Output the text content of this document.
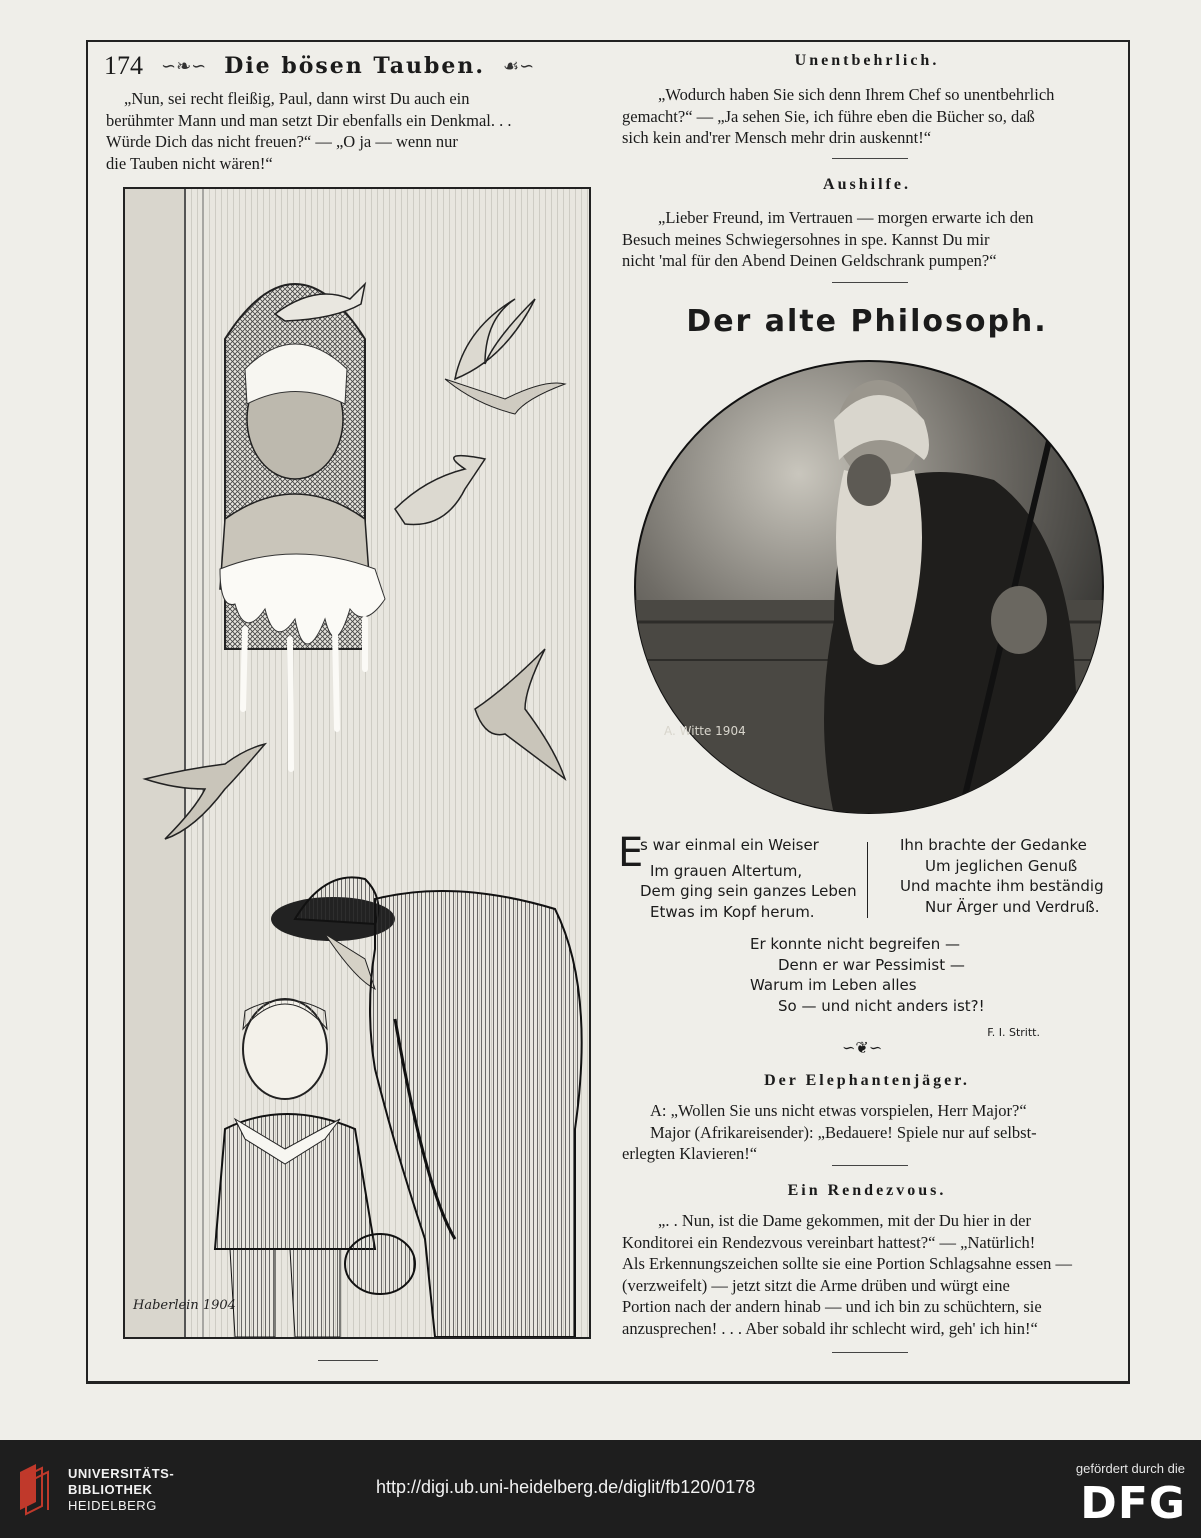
174 ∽❧∽ Die bösen Tauben. ☙∽
„Nun, sei recht fleißig, Paul, dann wirst Du auch ein
berühmter Mann und man setzt Dir ebenfalls ein Denkmal. . .
Würde Dich das nicht freuen?“ — „O ja — wenn nur
die Tauben nicht wären!“
Haberlein 1904
Unentbehrlich.
„Wodurch haben Sie sich denn Ihrem Chef so unentbehrlich
gemacht?“ — „Ja sehen Sie, ich führe eben die Bücher so, daß
sich kein and'rer Mensch mehr drin auskennt!“
Aushilfe.
„Lieber Freund, im Vertrauen — morgen erwarte ich den
Besuch meines Schwiegersohnes in spe. Kannst Du mir
nicht 'mal für den Abend Deinen Geldschrank pumpen?“
Der alte Philosoph.
A. Witte 1904
E
s war einmal ein Weiser
Im grauen Altertum,
Dem ging sein ganzes Leben
Etwas im Kopf herum.
Ihn brachte der Gedanke
Um jeglichen Genuß
Und machte ihm beständig
Nur Ärger und Verdruß.
Er konnte nicht begreifen —
Denn er war Pessimist —
Warum im Leben alles
So — und nicht anders ist?!
F. I. Stritt.
∽❦∽
Der Elephantenjäger.
A: „Wollen Sie uns nicht etwas vorspielen, Herr Major?“
Major (Afrikareisender): „Bedauere! Spiele nur auf selbst-
erlegten Klavieren!“
Ein Rendezvous.
„. . Nun, ist die Dame gekommen, mit der Du hier in der
Konditorei ein Rendezvous vereinbart hattest?“ — „Natürlich!
Als Erkennungszeichen sollte sie eine Portion Schlagsahne essen —
(verzweifelt) — jetzt sitzt die Arme drüben und würgt eine
Portion nach der andern hinab — und ich bin zu schüchtern, sie
anzusprechen! . . . Aber sobald ihr schlecht wird, geh' ich hin!“
UNIVERSITÄTS-
BIBLIOTHEK
HEIDELBERG
http://digi.ub.uni-heidelberg.de/diglit/fb120/0178
gefördert durch die
DFG
